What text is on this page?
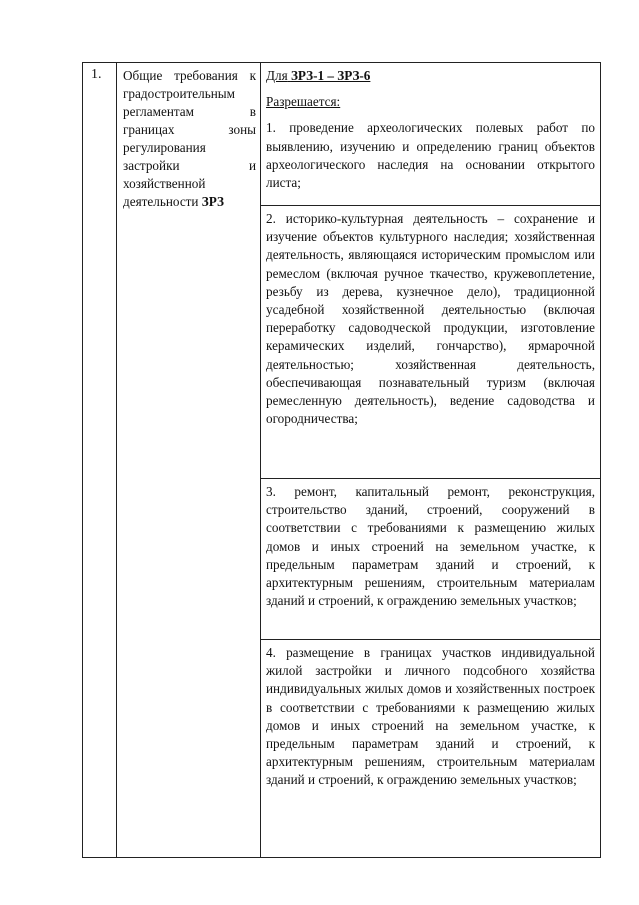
1.	Общие требования к градостроительным регламентам в границах зоны регулирования застройки и хозяйственной деятельности ЗРЗ

Для ЗРЗ-1 – ЗРЗ-6
Разрешается:

1. проведение археологических полевых работ по выявлению, изучению и определению границ объектов археологического наследия на основании открытого листа;

2. историко-культурная деятельность – сохранение и изучение объектов культурного наследия; хозяйственная деятельность, являющаяся историческим промыслом или ремеслом (включая ручное ткачество, кружевоплетение, резьбу из дерева, кузнечное дело), традиционной усадебной хозяйственной деятельностью (включая переработку садоводческой продукции, изготовление керамических изделий, гончарство), ярмарочной деятельностью; хозяйственная деятельность, обеспечивающая познавательный туризм (включая ремесленную деятельность), ведение садоводства и огородничества;

3. ремонт, капитальный ремонт, реконструкция, строительство зданий, строений, сооружений в соответствии с требованиями к размещению жилых домов и иных строений на земельном участке, к предельным параметрам зданий и строений, к архитектурным решениям, строительным материалам зданий и строений, к ограждению земельных участков;

4. размещение в границах участков индивидуальной жилой застройки и личного подсобного хозяйства индивидуальных жилых домов и хозяйственных построек в соответствии с требованиями к размещению жилых домов и иных строений на земельном участке, к предельным параметрам зданий и строений, к архитектурным решениям, строительным материалам зданий и строений, к ограждению земельных участков;
